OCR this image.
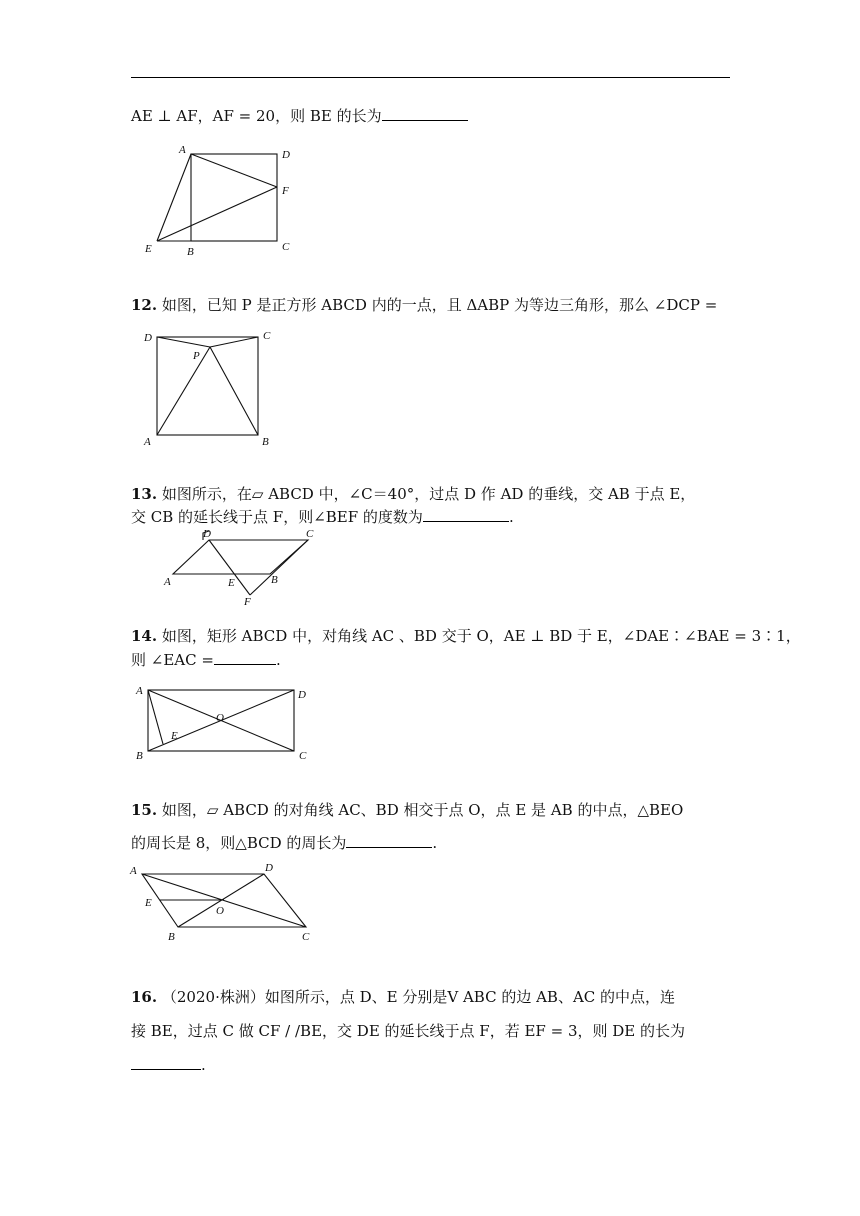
AE ⊥ AF，AF = 20，则 BE 的长为
A	D
F
E	B	C
12. 如图，已知 P 是正方形 ABCD 内的一点，且 ΔABP 为等边三角形，那么 ∠DCP =
D	C
P
A	B
13. 如图所示，在▱ ABCD 中，∠C＝40°，过点 D 作 AD 的垂线，交 AB 于点 E，
交 CB 的延长线于点 F，则∠BEF 的度数为	.
D	C
A	E	B
F
14. 如图，矩形 ABCD 中，对角线 AC 、BD 交于 O，AE ⊥ BD 于 E，∠DAE∶∠BAE = 3∶1，
则 ∠EAC =	.
A	D
O
E
B	C
15. 如图，▱ ABCD 的对角线 AC、BD 相交于点 O，点 E 是 AB 的中点，△BEO
的周长是 8，则△BCD 的周长为	.
A	D
E
O
B	C
16. （2020·株洲）如图所示，点 D、E 分别是V ABC 的边 AB、AC 的中点，连
接 BE，过点 C 做 CF / /BE，交 DE 的延长线于点 F，若 EF = 3，则 DE 的长为
.
